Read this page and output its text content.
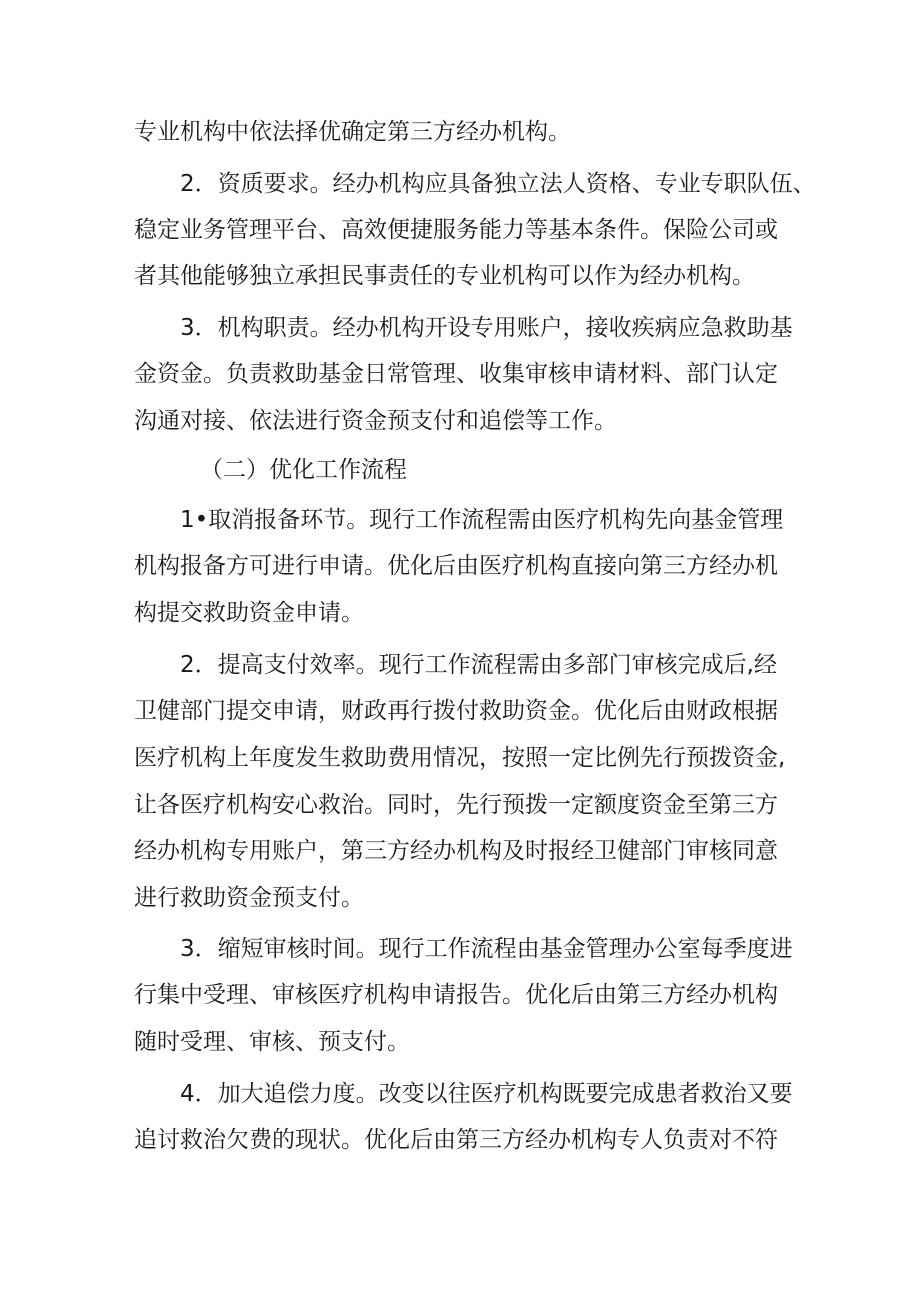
专业机构中依法择优确定第三方经办机构。
2．资质要求。经办机构应具备独立法人资格、专业专职队伍、
稳定业务管理平台、高效便捷服务能力等基本条件。保险公司或
者其他能够独立承担民事责任的专业机构可以作为经办机构。
3．机构职责。经办机构开设专用账户，接收疾病应急救助基
金资金。负责救助基金日常管理、收集审核申请材料、部门认定
沟通对接、依法进行资金预支付和追偿等工作。
（二）优化工作流程
1•取消报备环节。现行工作流程需由医疗机构先向基金管理
机构报备方可进行申请。优化后由医疗机构直接向第三方经办机
构提交救助资金申请。
2．提高支付效率。现行工作流程需由多部门审核完成后,经
卫健部门提交申请，财政再行拨付救助资金。优化后由财政根据
医疗机构上年度发生救助费用情况，按照一定比例先行预拨资金,
让各医疗机构安心救治。同时，先行预拨一定额度资金至第三方
经办机构专用账户，第三方经办机构及时报经卫健部门审核同意
进行救助资金预支付。
3．缩短审核时间。现行工作流程由基金管理办公室每季度进
行集中受理、审核医疗机构申请报告。优化后由第三方经办机构
随时受理、审核、预支付。
4．加大追偿力度。改变以往医疗机构既要完成患者救治又要
追讨救治欠费的现状。优化后由第三方经办机构专人负责对不符
